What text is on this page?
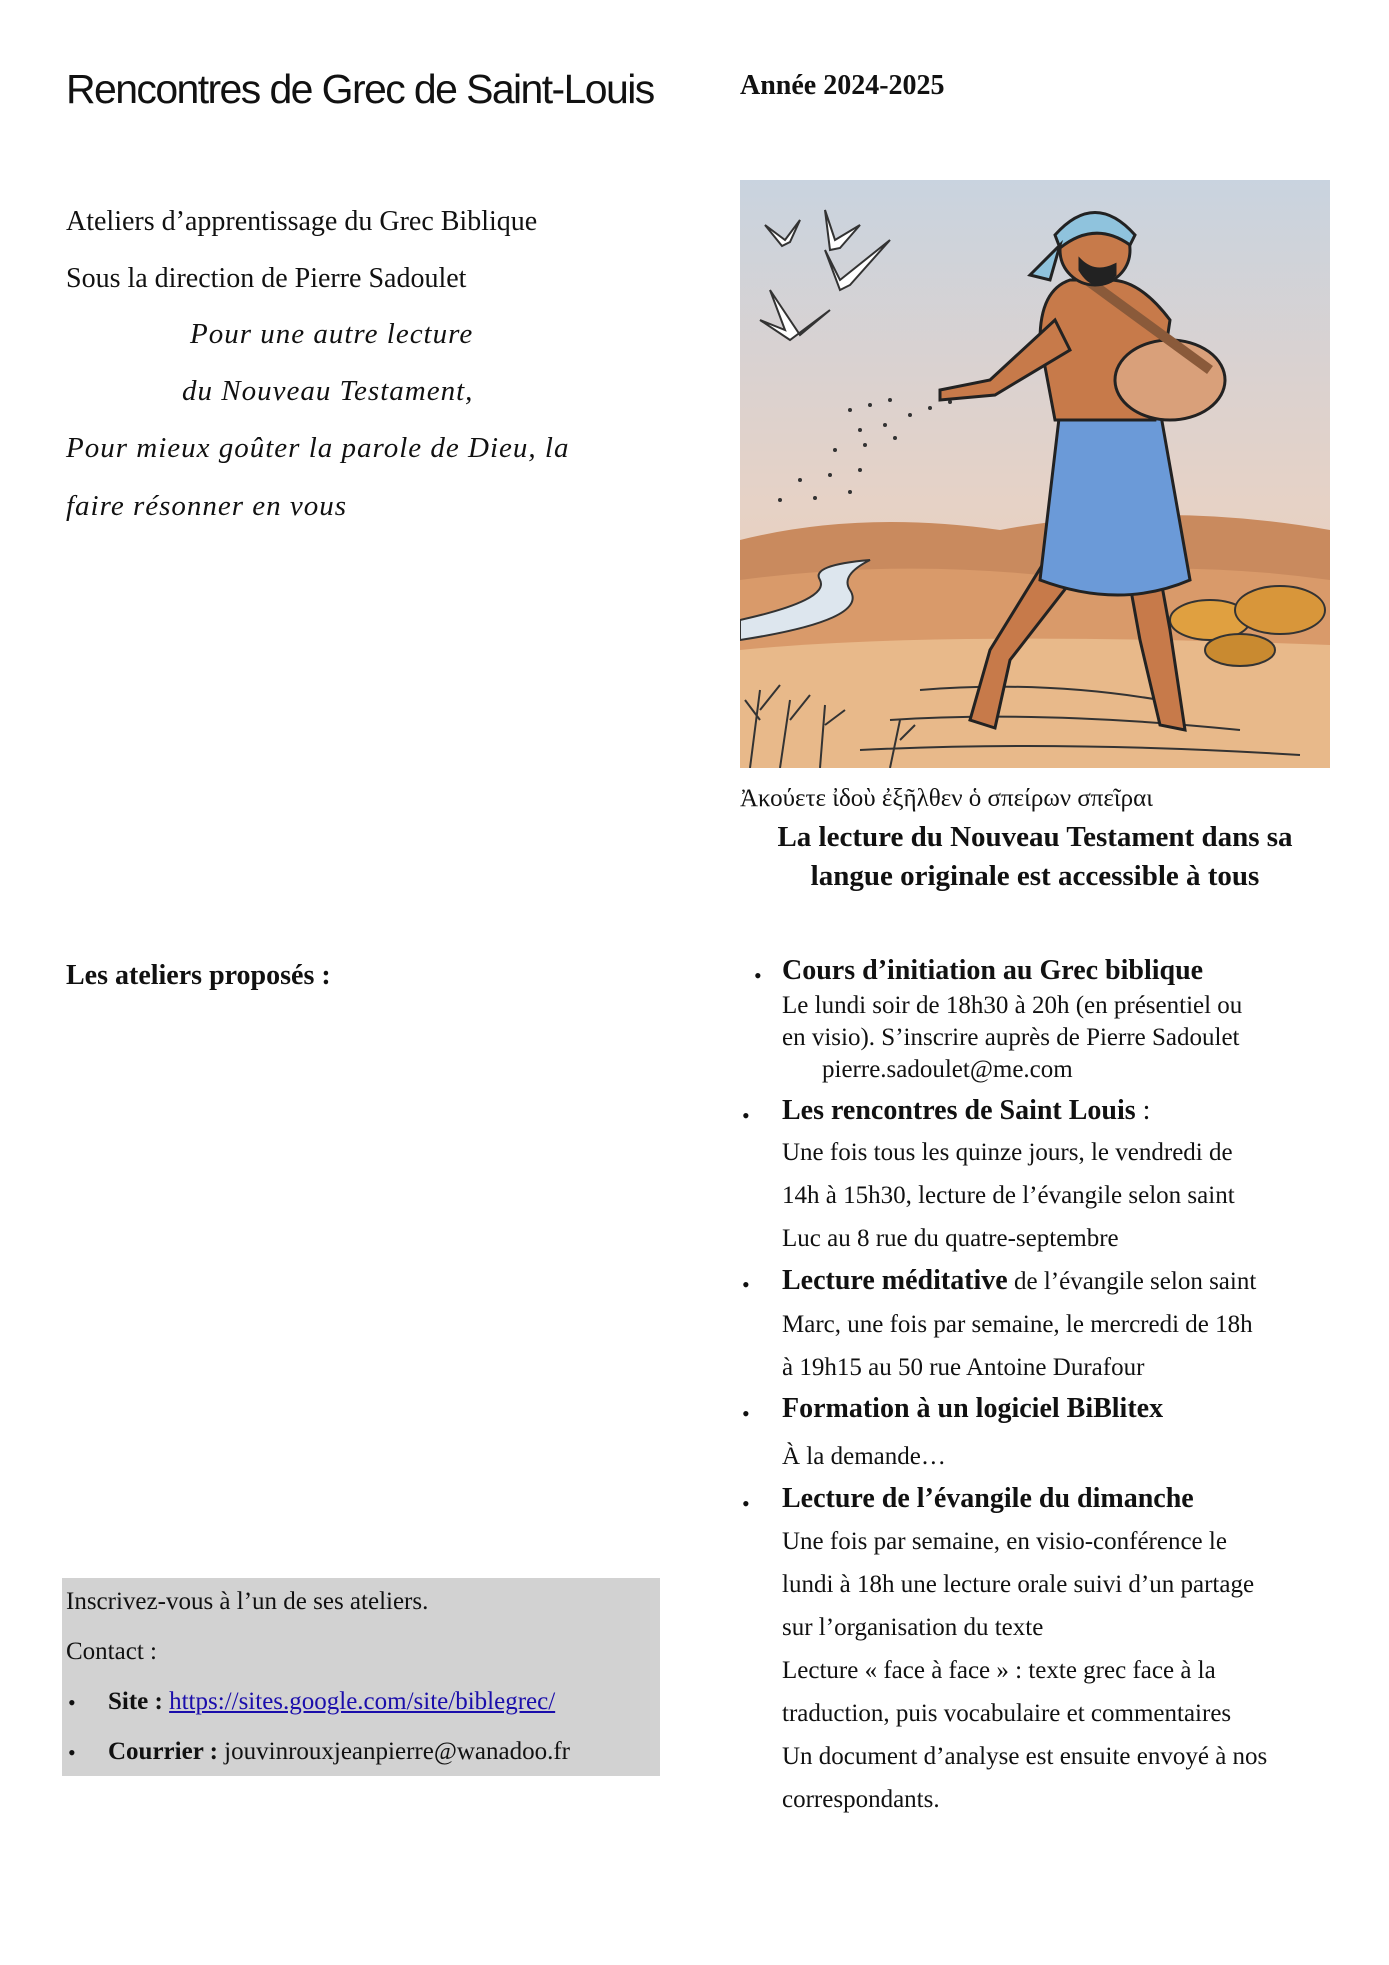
Rencontres de Grec de Saint-Louis	Année 2024-2025
Ateliers d’apprentissage du Grec Biblique
Sous la direction de Pierre Sadoulet
Pour une autre lecture
du Nouveau Testament,
Pour mieux goûter la parole de Dieu, la
faire résonner en vous
Ἀκούετε ἰδοὺ ἐξῆλθεν ὁ σπείρων σπεῖραι
La lecture du Nouveau Testament dans sa
langue originale est accessible à tous
Les ateliers proposés :	• Cours d’initiation au Grec biblique
Le lundi soir de 18h30 à 20h (en présentiel ou
en visio). S’inscrire auprès de Pierre Sadoulet
pierre.sadoulet@me.com
• Les rencontres de Saint Louis :
Une fois tous les quinze jours, le vendredi de
14h à 15h30, lecture de l’évangile selon saint
Luc au 8 rue du quatre-septembre
• Lecture méditative de l’évangile selon saint
Marc, une fois par semaine, le mercredi de 18h
à 19h15 au 50 rue Antoine Durafour
• Formation à un logiciel BiBlitex
À la demande…
• Lecture de l’évangile du dimanche
Une fois par semaine, en visio-conférence le
lundi à 18h une lecture orale suivi d’un partage
sur l’organisation du texte
Lecture « face à face » : texte grec face à la
traduction, puis vocabulaire et commentaires
Un document d’analyse est ensuite envoyé à nos
correspondants.
Inscrivez-vous à l’un de ses ateliers.
Contact :
• Site : https://sites.google.com/site/biblegrec/
• Courrier : jouvinrouxjeanpierre@wanadoo.fr
